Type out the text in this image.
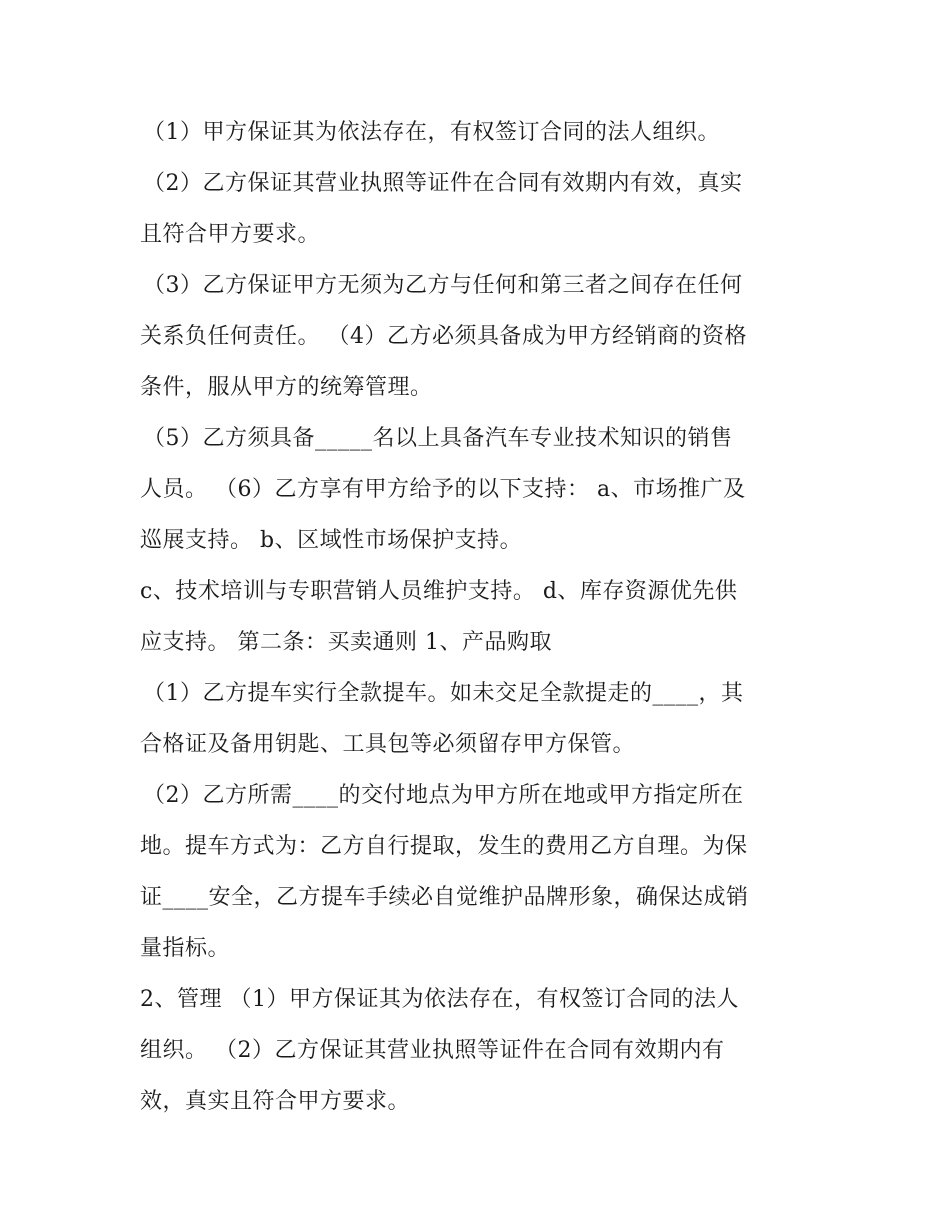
（1）甲方保证其为依法存在，有权签订合同的法人组织。
（2）乙方保证其营业执照等证件在合同有效期内有效，真实
且符合甲方要求。
（3）乙方保证甲方无须为乙方与任何和第三者之间存在任何
关系负任何责任。 （4）乙方必须具备成为甲方经销商的资格
条件，服从甲方的统筹管理。
（5）乙方须具备_____名以上具备汽车专业技术知识的销售
人员。 （6）乙方享有甲方给予的以下支持： a、市场推广及
巡展支持。 b、区域性市场保护支持。
c、技术培训与专职营销人员维护支持。 d、库存资源优先供
应支持。 第二条：买卖通则 1、产品购取
（1）乙方提车实行全款提车。如未交足全款提走的____，其
合格证及备用钥匙、工具包等必须留存甲方保管。
（2）乙方所需____的交付地点为甲方所在地或甲方指定所在
地。提车方式为：乙方自行提取，发生的费用乙方自理。为保
证____安全，乙方提车手续必自觉维护品牌形象，确保达成销
量指标。
2、管理 （1）甲方保证其为依法存在，有权签订合同的法人
组织。 （2）乙方保证其营业执照等证件在合同有效期内有
效，真实且符合甲方要求。
